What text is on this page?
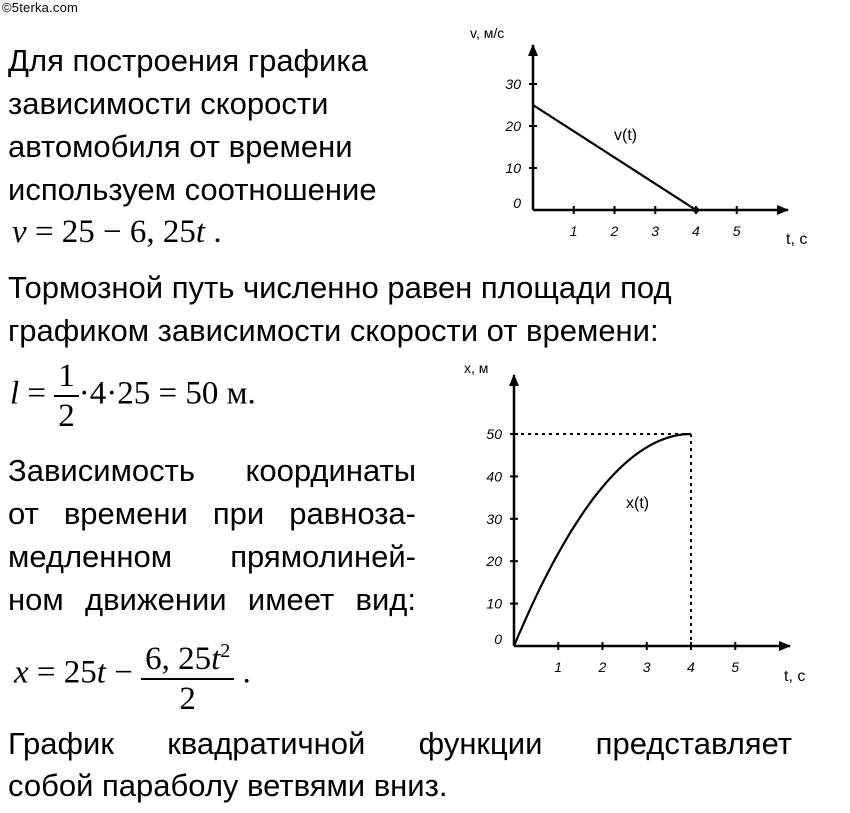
©5terka.com
Для построения графика
зависимости скорости
автомобиля от времени
используем соотношение
v = 25 − 6, 25t .
Тормозной путь численно равен площади под
графиком зависимости скорости от времени:
$l = \frac{1}{2} \cdot 4\cdot 25 = 50$ м.
Зависимость координаты
от времени при равноза-
медленном прямолиней-
ном движении имеет вид:
$x = 25t - \frac{6, 25t^2}{2}$ .
График квадратичной функции представляет
собой параболу ветвями вниз.
v, м/с
t, c
1 2 3 4 5
0
10
20
30
v(t)
x, м
t, c
1	2	3	4	5
0
10
20
30
40
50
x(t)
